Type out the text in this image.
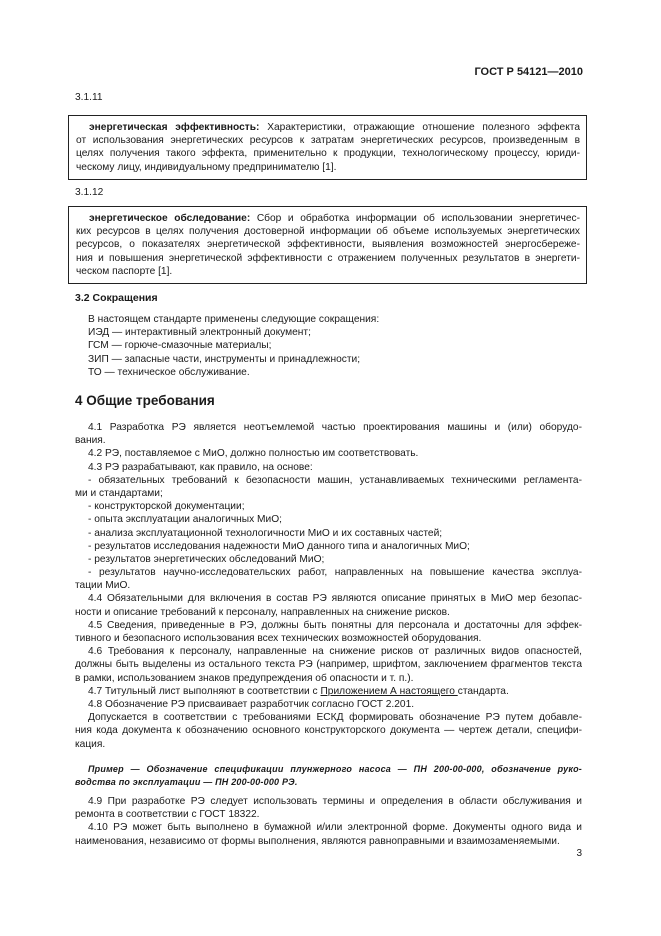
ГОСТ Р 54121—2010
3.1.11
энергетическая эффективность: Характеристики, отражающие отношение полезного эффекта
от использования энергетических ресурсов к затратам энергетических ресурсов, произведенным в
целях получения такого эффекта, применительно к продукции, технологическому процессу, юриди-
ческому лицу, индивидуальному предпринимателю [1].
3.1.12
энергетическое обследование: Сбор и обработка информации об использовании энергетичес-
ких ресурсов в целях получения достоверной информации об объеме используемых энергетических
ресурсов, о показателях энергетической эффективности, выявления возможностей энергосбереже-
ния и повышения энергетической эффективности с отражением полученных результатов в энергети-
ческом паспорте [1].
3.2 Сокращения
В настоящем стандарте применены следующие сокращения:
ИЭД — интерактивный электронный документ;
ГСМ — горюче-смазочные материалы;
ЗИП — запасные части, инструменты и принадлежности;
ТО — техническое обслуживание.
4 Общие требования
4.1 Разработка РЭ является неотъемлемой частью проектирования машины и (или) оборудо-
вания.
4.2 РЭ, поставляемое с МиО, должно полностью им соответствовать.
4.3 РЭ разрабатывают, как правило, на основе:
- обязательных требований к безопасности машин, устанавливаемых техническими регламента-
ми и стандартами;
- конструкторской документации;
- опыта эксплуатации аналогичных МиО;
- анализа эксплуатационной технологичности МиО и их составных частей;
- результатов исследования надежности МиО данного типа и аналогичных МиО;
- результатов энергетических обследований МиО;
- результатов научно-исследовательских работ, направленных на повышение качества эксплуа-
тации МиО.
4.4 Обязательными для включения в состав РЭ являются описание принятых в МиО мер безопас-
ности и описание требований к персоналу, направленных на снижение рисков.
4.5 Сведения, приведенные в РЭ, должны быть понятны для персонала и достаточны для эффек-
тивного и безопасного использования всех технических возможностей оборудования.
4.6 Требования к персоналу, направленные на снижение рисков от различных видов опасностей,
должны быть выделены из остального текста РЭ (например, шрифтом, заключением фрагментов текста
в рамки, использованием знаков предупреждения об опасности и т. п.).
4.7 Титульный лист выполняют в соответствии с Приложением А настоящего стандарта.
4.8 Обозначение РЭ присваивает разработчик согласно ГОСТ 2.201.
Допускается в соответствии с требованиями ЕСКД формировать обозначение РЭ путем добавле-
ния кода документа к обозначению основного конструкторского документа — чертеж детали, специфи-
кация.
Пример — Обозначение спецификации плунжерного насоса — ПН 200-00-000, обозначение руко-
водства по эксплуатации — ПН 200-00-000 РЭ.
4.9 При разработке РЭ следует использовать термины и определения в области обслуживания и
ремонта в соответствии с ГОСТ 18322.
4.10 РЭ может быть выполнено в бумажной и/или электронной форме. Документы одного вида и
наименования, независимо от формы выполнения, являются равноправными и взаимозаменяемыми.
3
